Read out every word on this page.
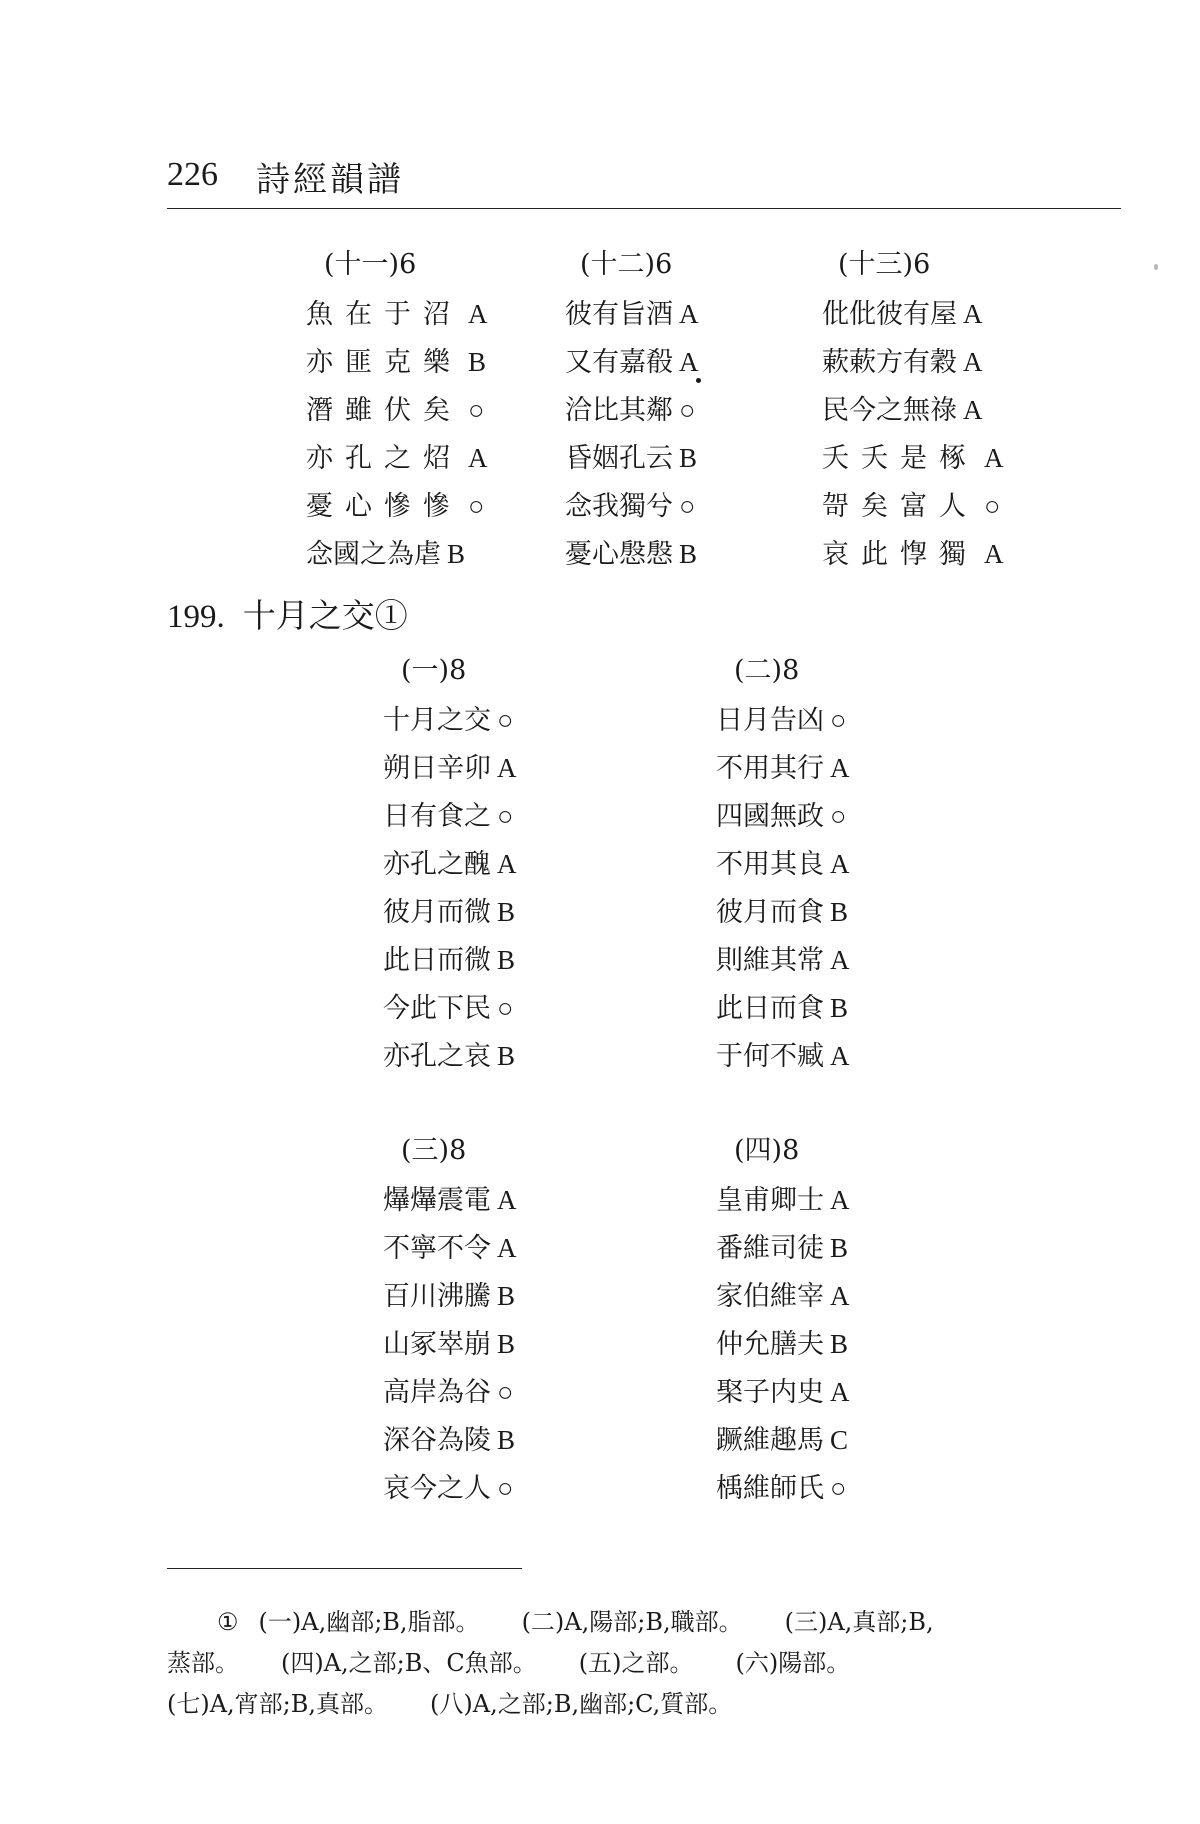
226 詩經韻譜
(十一)6
魚在于沼 A
亦匪克樂 B
潛雖伏矣 ○
亦孔之炤 A
憂心慘慘 ○
念國之為虐 B
(十二)6
彼有旨酒 A
又有嘉殽 A
洽比其鄰 ○
昏姻孔云 B
念我獨兮 ○
憂心慇慇 B
(十三)6
仳仳彼有屋 A
蔌蔌方有穀 A
民今之無祿 A
夭夭是椓 A
哿矣富人 ○
哀此惸獨 A
199. 十月之交①
(一)8
十月之交 ○
朔日辛卯 A
日有食之 ○
亦孔之醜 A
彼月而微 B
此日而微 B
今此下民 ○
亦孔之哀 B
(二)8
日月告凶 ○
不用其行 A
四國無政 ○
不用其良 A
彼月而食 B
則維其常 A
此日而食 B
于何不臧 A
(三)8
爗爗震電 A
不寧不令 A
百川沸騰 B
山冢崒崩 B
高岸為谷 ○
深谷為陵 B
哀今之人 ○
(四)8
皇甫卿士 A
番維司徒 B
家伯維宰 A
仲允膳夫 B
棸子内史 A
蹶維趣馬 C
楀維師氏 ○

① (一)A,幽部;B,脂部。 (二)A,陽部;B,職部。 (三)A,真部;B,

蒸部。 (四)A,之部;B、C魚部。 (五)之部。 (六)陽部。

(七)A,宵部;B,真部。 (八)A,之部;B,幽部;C,質部。
